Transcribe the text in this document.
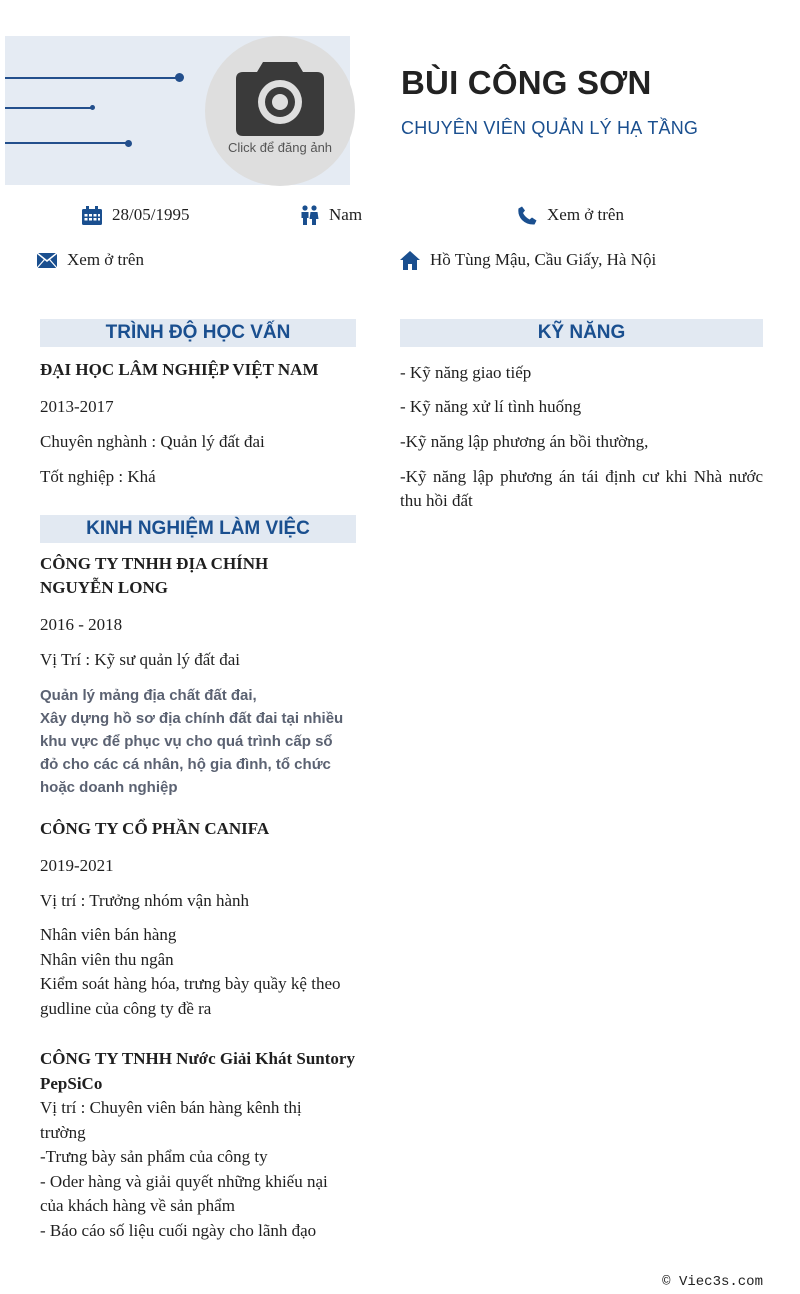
Click để đăng ảnh
BÙI CÔNG SƠN
CHUYÊN VIÊN QUẢN LÝ HẠ TẦNG
28/05/1995	Nam	Xem ở trên
Xem ở trên	Hồ Tùng Mậu, Cầu Giấy, Hà Nội
TRÌNH ĐỘ HỌC VẤN
ĐẠI HỌC LÂM NGHIỆP VIỆT NAM
2013-2017
Chuyên nghành : Quản lý đất đai
Tốt nghiệp : Khá
KỸ NĂNG
- Kỹ năng giao tiếp
- Kỹ năng xử lí tình huống
-Kỹ năng lập phương án bồi thường,
-Kỹ năng lập phương án tái định cư khi Nhà nước thu hồi đất
KINH NGHIỆM LÀM VIỆC
CÔNG TY TNHH ĐỊA CHÍNH NGUYỄN LONG
2016 - 2018
Vị Trí : Kỹ sư quản lý đất đai
Quản lý mảng địa chất đất đai,
Xây dựng hồ sơ địa chính đất đai tại nhiều khu vực để phục vụ cho quá trình cấp sổ đỏ cho các cá nhân, hộ gia đình, tổ chức hoặc doanh nghiệp
CÔNG TY CỔ PHẦN CANIFA
2019-2021
Vị trí : Trưởng nhóm vận hành
Nhân viên bán hàng
Nhân viên thu ngân
Kiểm soát hàng hóa, trưng bày quầy kệ theo gudline của công ty đề ra
CÔNG TY TNHH Nước Giải Khát Suntory PepSiCo
Vị trí : Chuyên viên bán hàng kênh thị trường
-Trưng bày sản phẩm của công ty
- Oder hàng và giải quyết những khiếu nại của khách hàng về sản phẩm
- Báo cáo số liệu cuối ngày cho lãnh đạo
© Viec3s.com
